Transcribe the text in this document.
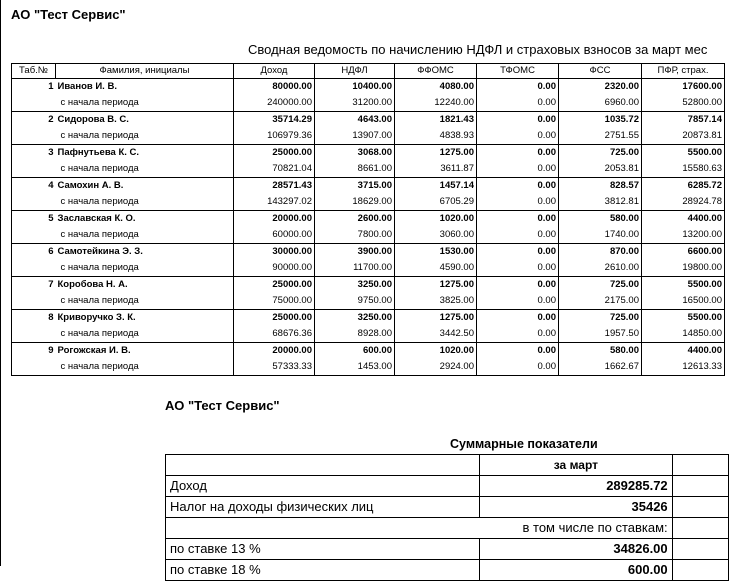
АО "Тест Сервис"
Сводная ведомость по начислению НДФЛ и страховых взносов за март мес
Таб.№	Фамилия, инициалы	Доход	НДФЛ	ФФОМС	ТФОМС	ФСС	ПФР, страх.
1	Иванов И. В.	80000.00	10400.00	4080.00	0.00	2320.00	17600.00
	с начала периода	240000.00	31200.00	12240.00	0.00	6960.00	52800.00
2	Сидорова В. С.	35714.29	4643.00	1821.43	0.00	1035.72	7857.14
	с начала периода	106979.36	13907.00	4838.93	0.00	2751.55	20873.81
3	Пафнутьева К. С.	25000.00	3068.00	1275.00	0.00	725.00	5500.00
	с начала периода	70821.04	8661.00	3611.87	0.00	2053.81	15580.63
4	Самохин А. В.	28571.43	3715.00	1457.14	0.00	828.57	6285.72
	с начала периода	143297.02	18629.00	6705.29	0.00	3812.81	28924.78
5	Заславская К. О.	20000.00	2600.00	1020.00	0.00	580.00	4400.00
	с начала периода	60000.00	7800.00	3060.00	0.00	1740.00	13200.00
6	Самотейкина Э. З.	30000.00	3900.00	1530.00	0.00	870.00	6600.00
	с начала периода	90000.00	11700.00	4590.00	0.00	2610.00	19800.00
7	Коробова Н. А.	25000.00	3250.00	1275.00	0.00	725.00	5500.00
	с начала периода	75000.00	9750.00	3825.00	0.00	2175.00	16500.00
8	Криворучко З. К.	25000.00	3250.00	1275.00	0.00	725.00	5500.00
	с начала периода	68676.36	8928.00	3442.50	0.00	1957.50	14850.00
9	Рогожская И. В.	20000.00	600.00	1020.00	0.00	580.00	4400.00
	с начала периода	57333.33	1453.00	2924.00	0.00	1662.67	12613.33
АО "Тест Сервис"
Суммарные показатели
	за март	
Доход	289285.72	
Налог на доходы физических лиц	35426	
в том числе по ставкам:		
по ставке 13 %	34826.00	
по ставке 18 %	600.00	
